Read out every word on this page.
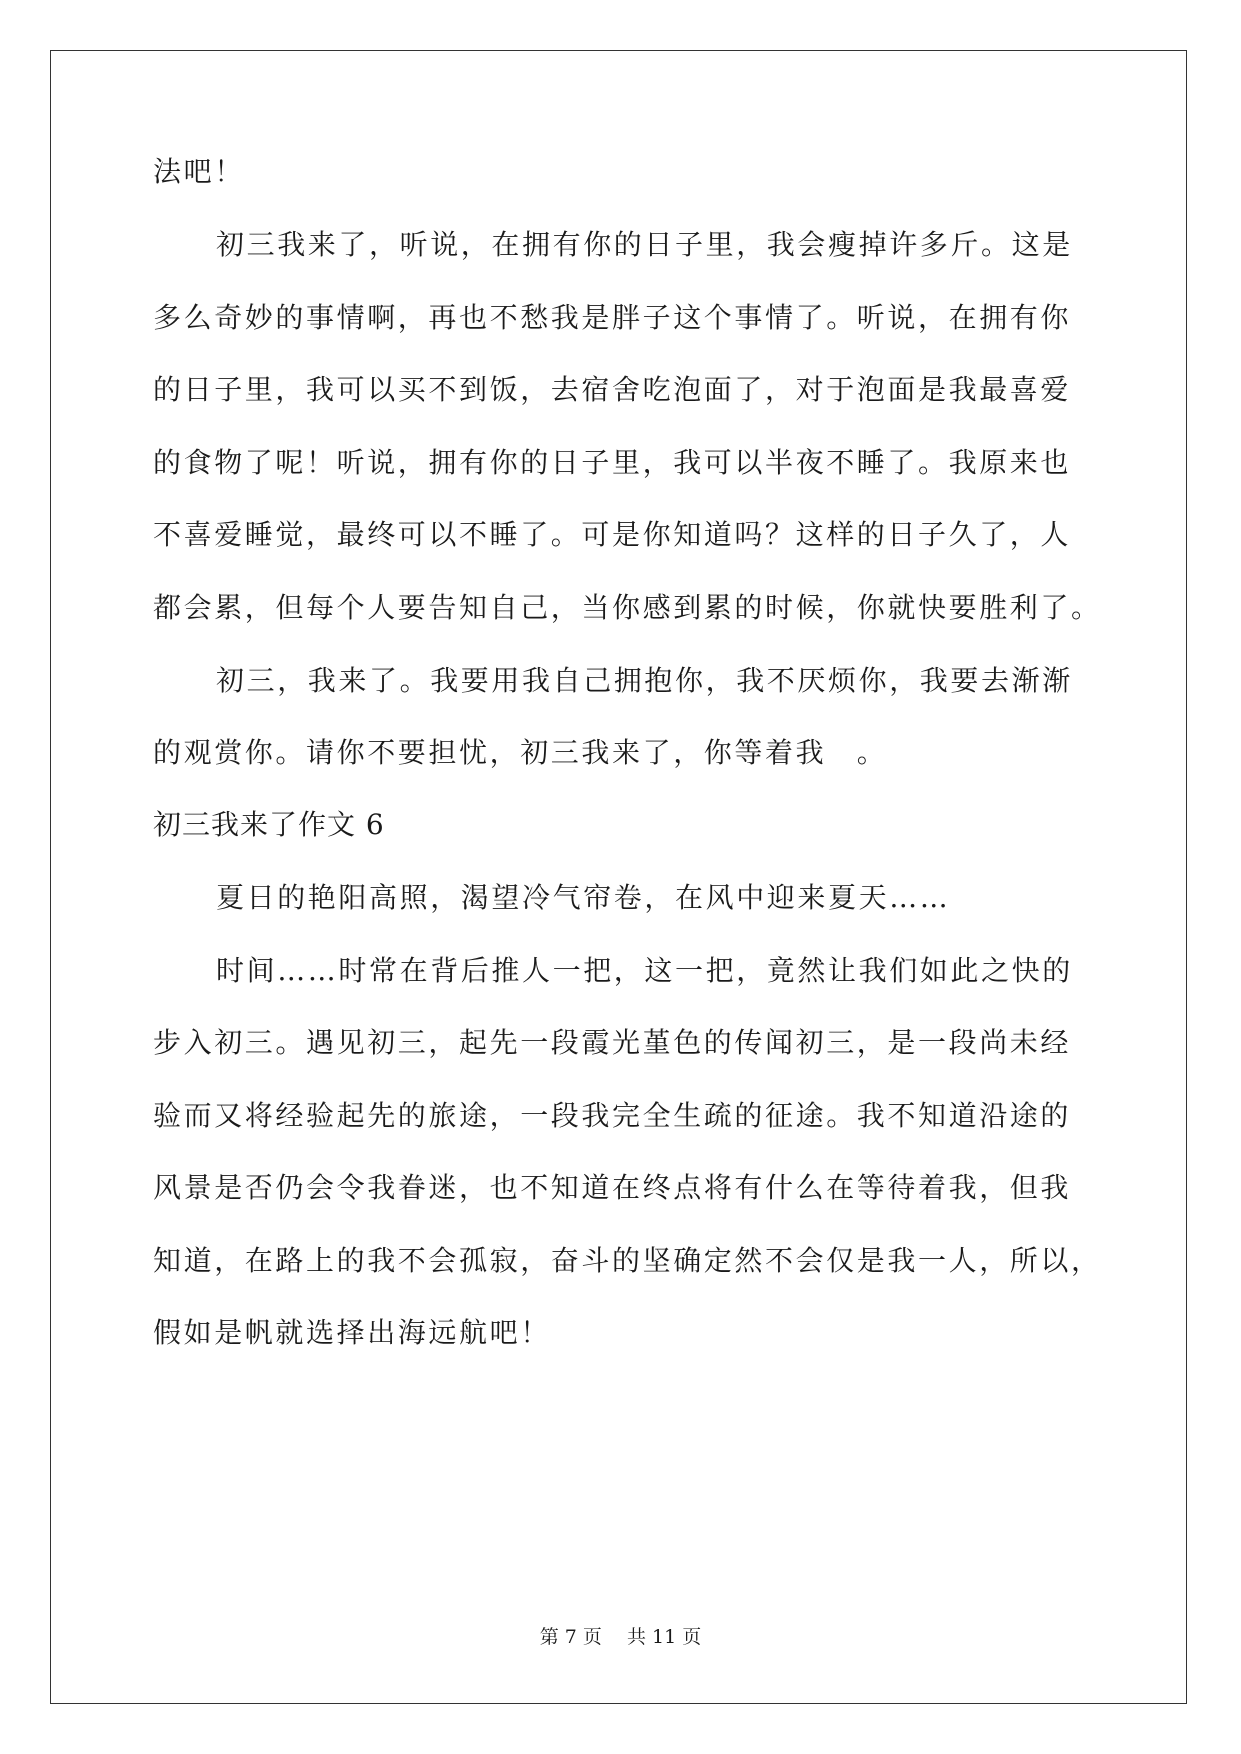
法吧！
初三我来了，听说，在拥有你的日子里，我会瘦掉许多斤。这是
多么奇妙的事情啊，再也不愁我是胖子这个事情了。听说，在拥有你
的日子里，我可以买不到饭，去宿舍吃泡面了，对于泡面是我最喜爱
的食物了呢！听说，拥有你的日子里，我可以半夜不睡了。我原来也
不喜爱睡觉，最终可以不睡了。可是你知道吗？这样的日子久了，人
都会累，但每个人要告知自己，当你感到累的时候，你就快要胜利了。
初三，我来了。我要用我自己拥抱你，我不厌烦你，我要去渐渐
的观赏你。请你不要担忧，初三我来了，你等着我　。
初三我来了作文 6
夏日的艳阳高照，渴望冷气帘卷，在风中迎来夏天……
时间……时常在背后推人一把，这一把，竟然让我们如此之快的
步入初三。遇见初三，起先一段霞光堇色的传闻初三，是一段尚未经
验而又将经验起先的旅途，一段我完全生疏的征途。我不知道沿途的
风景是否仍会令我眷迷，也不知道在终点将有什么在等待着我，但我
知道，在路上的我不会孤寂，奋斗的坚确定然不会仅是我一人，所以，
假如是帆就选择出海远航吧！
第 7 页　 共 11 页
